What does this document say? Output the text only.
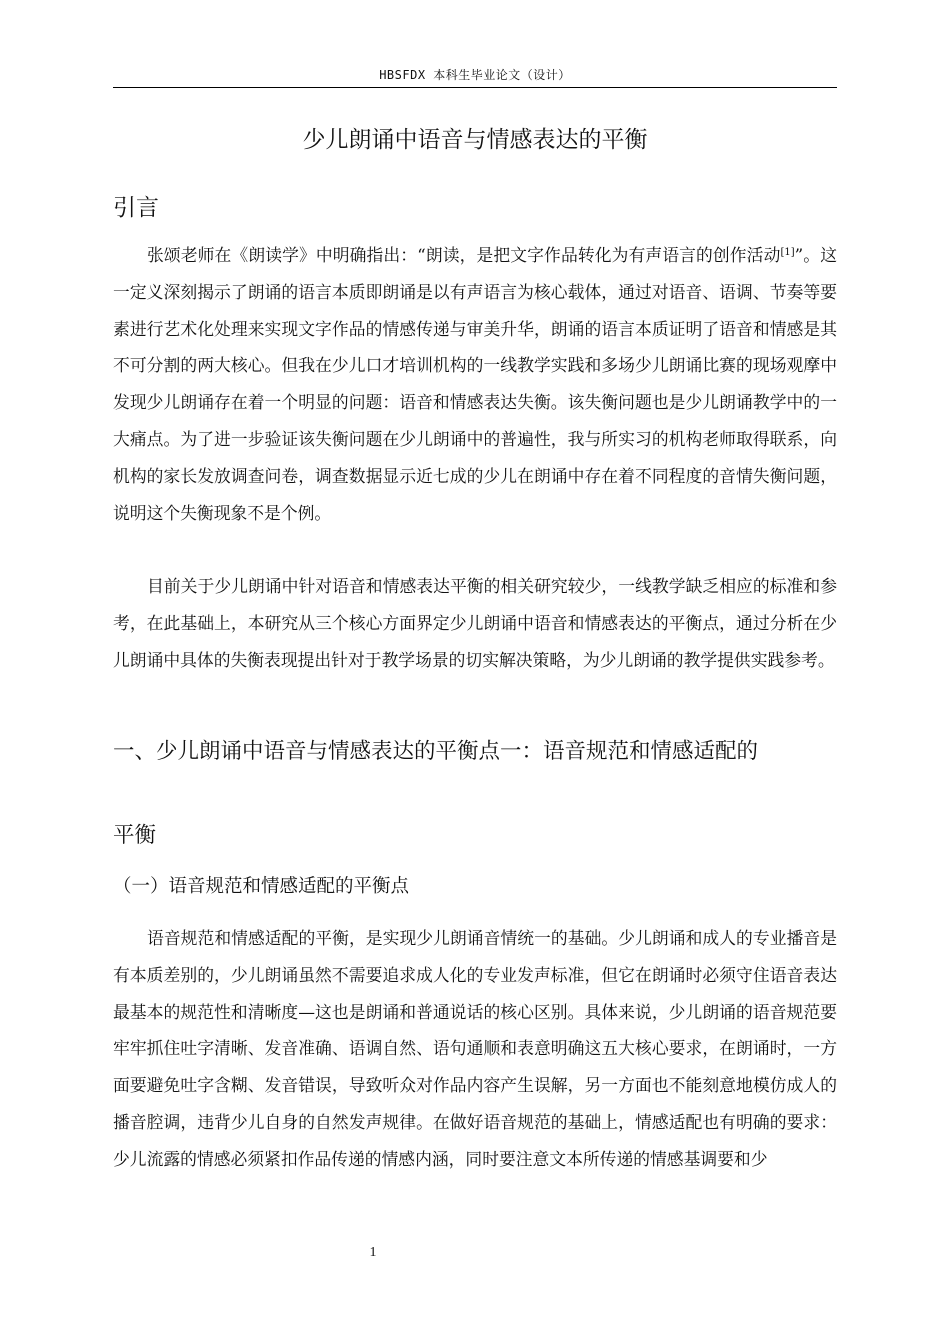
HBSFDX 本科生毕业论文（设计）
少儿朗诵中语音与情感表达的平衡
引言

张颂老师在《朗读学》中明确指出：“朗读，是把文字作品转化为有声语言的创作活动[1]”。这一定义深刻揭示了朗诵的语言本质即朗诵是以有声语言为核心载体，通过对语音、语调、节奏等要素进行艺术化处理来实现文字作品的情感传递与审美升华，朗诵的语言本质证明了语音和情感是其不可分割的两大核心。但我在少儿口才培训机构的一线教学实践和多场少儿朗诵比赛的现场观摩中发现少儿朗诵存在着一个明显的问题：语音和情感表达失衡。该失衡问题也是少儿朗诵教学中的一大痛点。为了进一步验证该失衡问题在少儿朗诵中的普遍性，我与所实习的机构老师取得联系，向机构的家长发放调查问卷，调查数据显示近七成的少儿在朗诵中存在着不同程度的音情失衡问题，说明这个失衡现象不是个例。

目前关于少儿朗诵中针对语音和情感表达平衡的相关研究较少，一线教学缺乏相应的标准和参考，在此基础上，本研究从三个核心方面界定少儿朗诵中语音和情感表达的平衡点，通过分析在少儿朗诵中具体的失衡表现提出针对于教学场景的切实解决策略，为少儿朗诵的教学提供实践参考。

一、少儿朗诵中语音与情感表达的平衡点一：语音规范和情感适配的
平衡
（一）语音规范和情感适配的平衡点

语音规范和情感适配的平衡，是实现少儿朗诵音情统一的基础。少儿朗诵和成人的专业播音是有本质差别的，少儿朗诵虽然不需要追求成人化的专业发声标准，但它在朗诵时必须守住语音表达最基本的规范性和清晰度—这也是朗诵和普通说话的核心区别。具体来说，少儿朗诵的语音规范要牢牢抓住吐字清晰、发音准确、语调自然、语句通顺和表意明确这五大核心要求，在朗诵时，一方面要避免吐字含糊、发音错误，导致听众对作品内容产生误解，另一方面也不能刻意地模仿成人的播音腔调，违背少儿自身的自然发声规律。在做好语音规范的基础上，情感适配也有明确的要求：少儿流露的情感必须紧扣作品传递的情感内涵，同时要注意文本所传递的情感基调要和少

1
